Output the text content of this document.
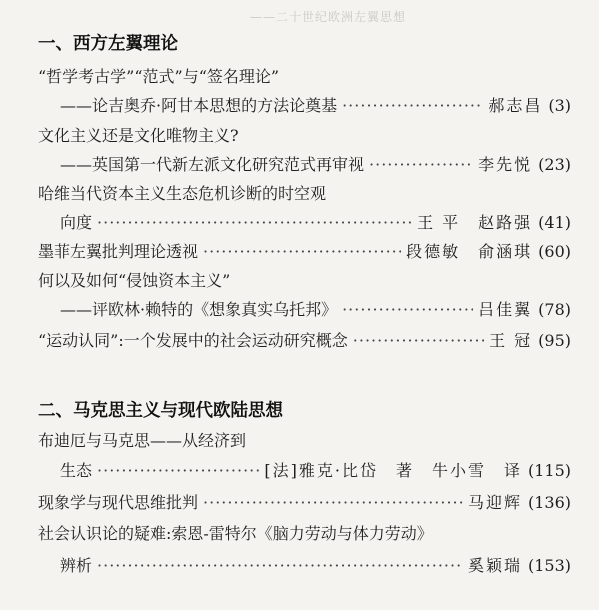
——二十世纪欧洲左翼思想
一、西方左翼理论
“哲学考古学”“范式”与“签名理论”
——论吉奥乔·阿甘本思想的方法论奠基 ·····	郝志昌 (3)
文化主义还是文化唯物主义?
——英国第一代新左派文化研究范式再审视 ·····	李先悦 (23)
哈维当代资本主义生态危机诊断的时空观
向度 ·····	王 平　赵路强 (41)
墨菲左翼批判理论透视 ·····	段德敏　俞涵琪 (60)
何以及如何“侵蚀资本主义”
——评欧林·赖特的《想象真实乌托邦》 ·····	吕佳翼 (78)
“运动认同”:一个发展中的社会运动研究概念 ·····	王 冠 (95)
二、马克思主义与现代欧陆思想
布迪厄与马克思——从经济到
生态 ·····	[法]雅克·比岱　著　牛小雪　译 (115)
现象学与现代思维批判 ·····	马迎辉 (136)
社会认识论的疑难:索恩-雷特尔《脑力劳动与体力劳动》
辨析 ·····	奚颖瑞 (153)
